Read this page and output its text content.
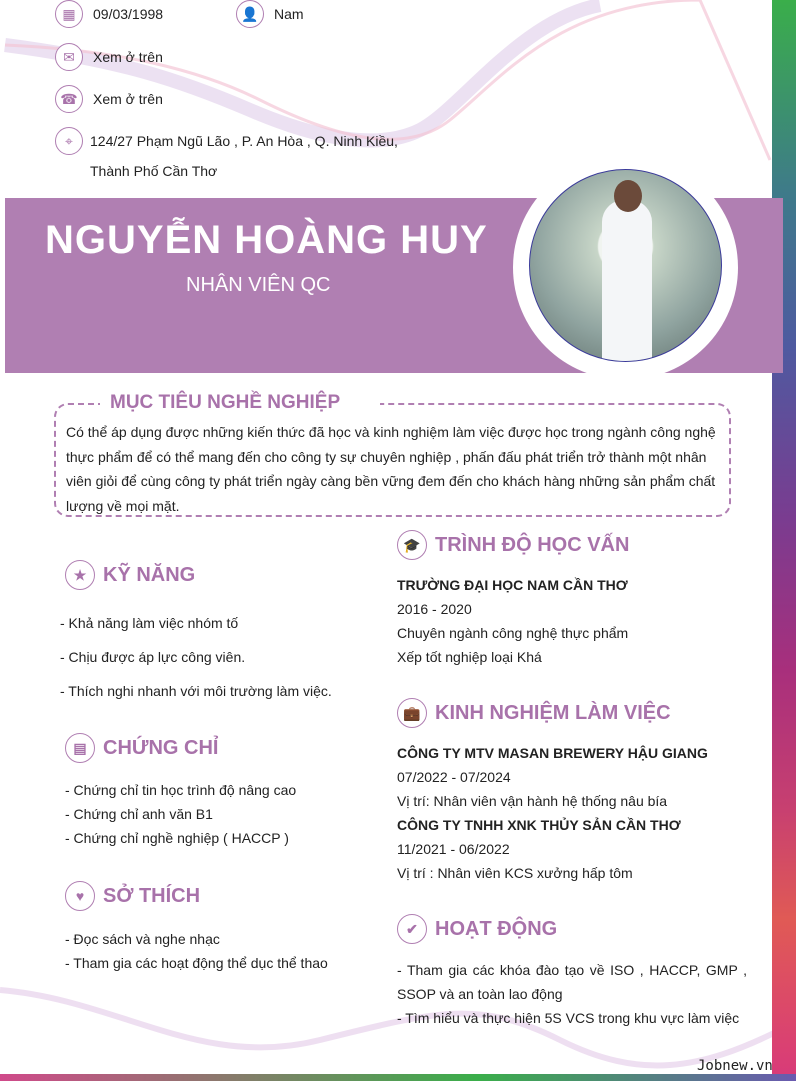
▦	09/03/1998	👤	Nam
✉	Xem ở trên
☎	Xem ở trên
⌖	124/27 Phạm Ngũ Lão , P. An Hòa , Q. Ninh Kiều, Thành Phố Cần Thơ
NGUYỄN HOÀNG HUY
NHÂN VIÊN QC
MỤC TIÊU NGHỀ NGHIỆP
Có thể áp dụng được những kiến thức đã học và kinh nghiệm làm việc được học trong ngành công nghệ thực phẩm để có thể mang đến cho công ty sự chuyên nghiệp , phấn đấu phát triển trở thành một nhân viên giỏi để cùng công ty phát triển ngày càng bền vững đem đến cho khách hàng những sản phẩm chất lượng về mọi mặt.
★ KỸ NĂNG
- Khả năng làm việc nhóm tố
- Chịu được áp lực công viên.
- Thích nghi nhanh với môi trường làm việc.
▤ CHỨNG CHỈ
- Chứng chỉ tin học trình độ nâng cao
- Chứng chỉ anh văn B1
- Chứng chỉ nghề nghiệp ( HACCP )
♥ SỞ THÍCH
- Đọc sách và nghe nhạc
- Tham gia các hoạt động thể dục thể thao
🎓 TRÌNH ĐỘ HỌC VẤN
TRƯỜNG ĐẠI HỌC NAM CẦN THƠ
2016 - 2020
Chuyên ngành công nghệ thực phẩm
Xếp tốt nghiệp loại Khá
💼 KINH NGHIỆM LÀM VIỆC
CÔNG TY MTV MASAN BREWERY HẬU GIANG
07/2022 - 07/2024
Vị trí: Nhân viên vận hành hệ thống nâu bía
CÔNG TY TNHH XNK THỦY SẢN CẦN THƠ
11/2021 - 06/2022
Vị trí : Nhân viên KCS xưởng hấp tôm
✔ HOẠT ĐỘNG
- Tham gia các khóa đào tạo về ISO , HACCP, GMP , SSOP và an toàn lao động
- Tìm hiểu và thực hiện 5S VCS trong khu vực làm việc
Jobnew.vn
